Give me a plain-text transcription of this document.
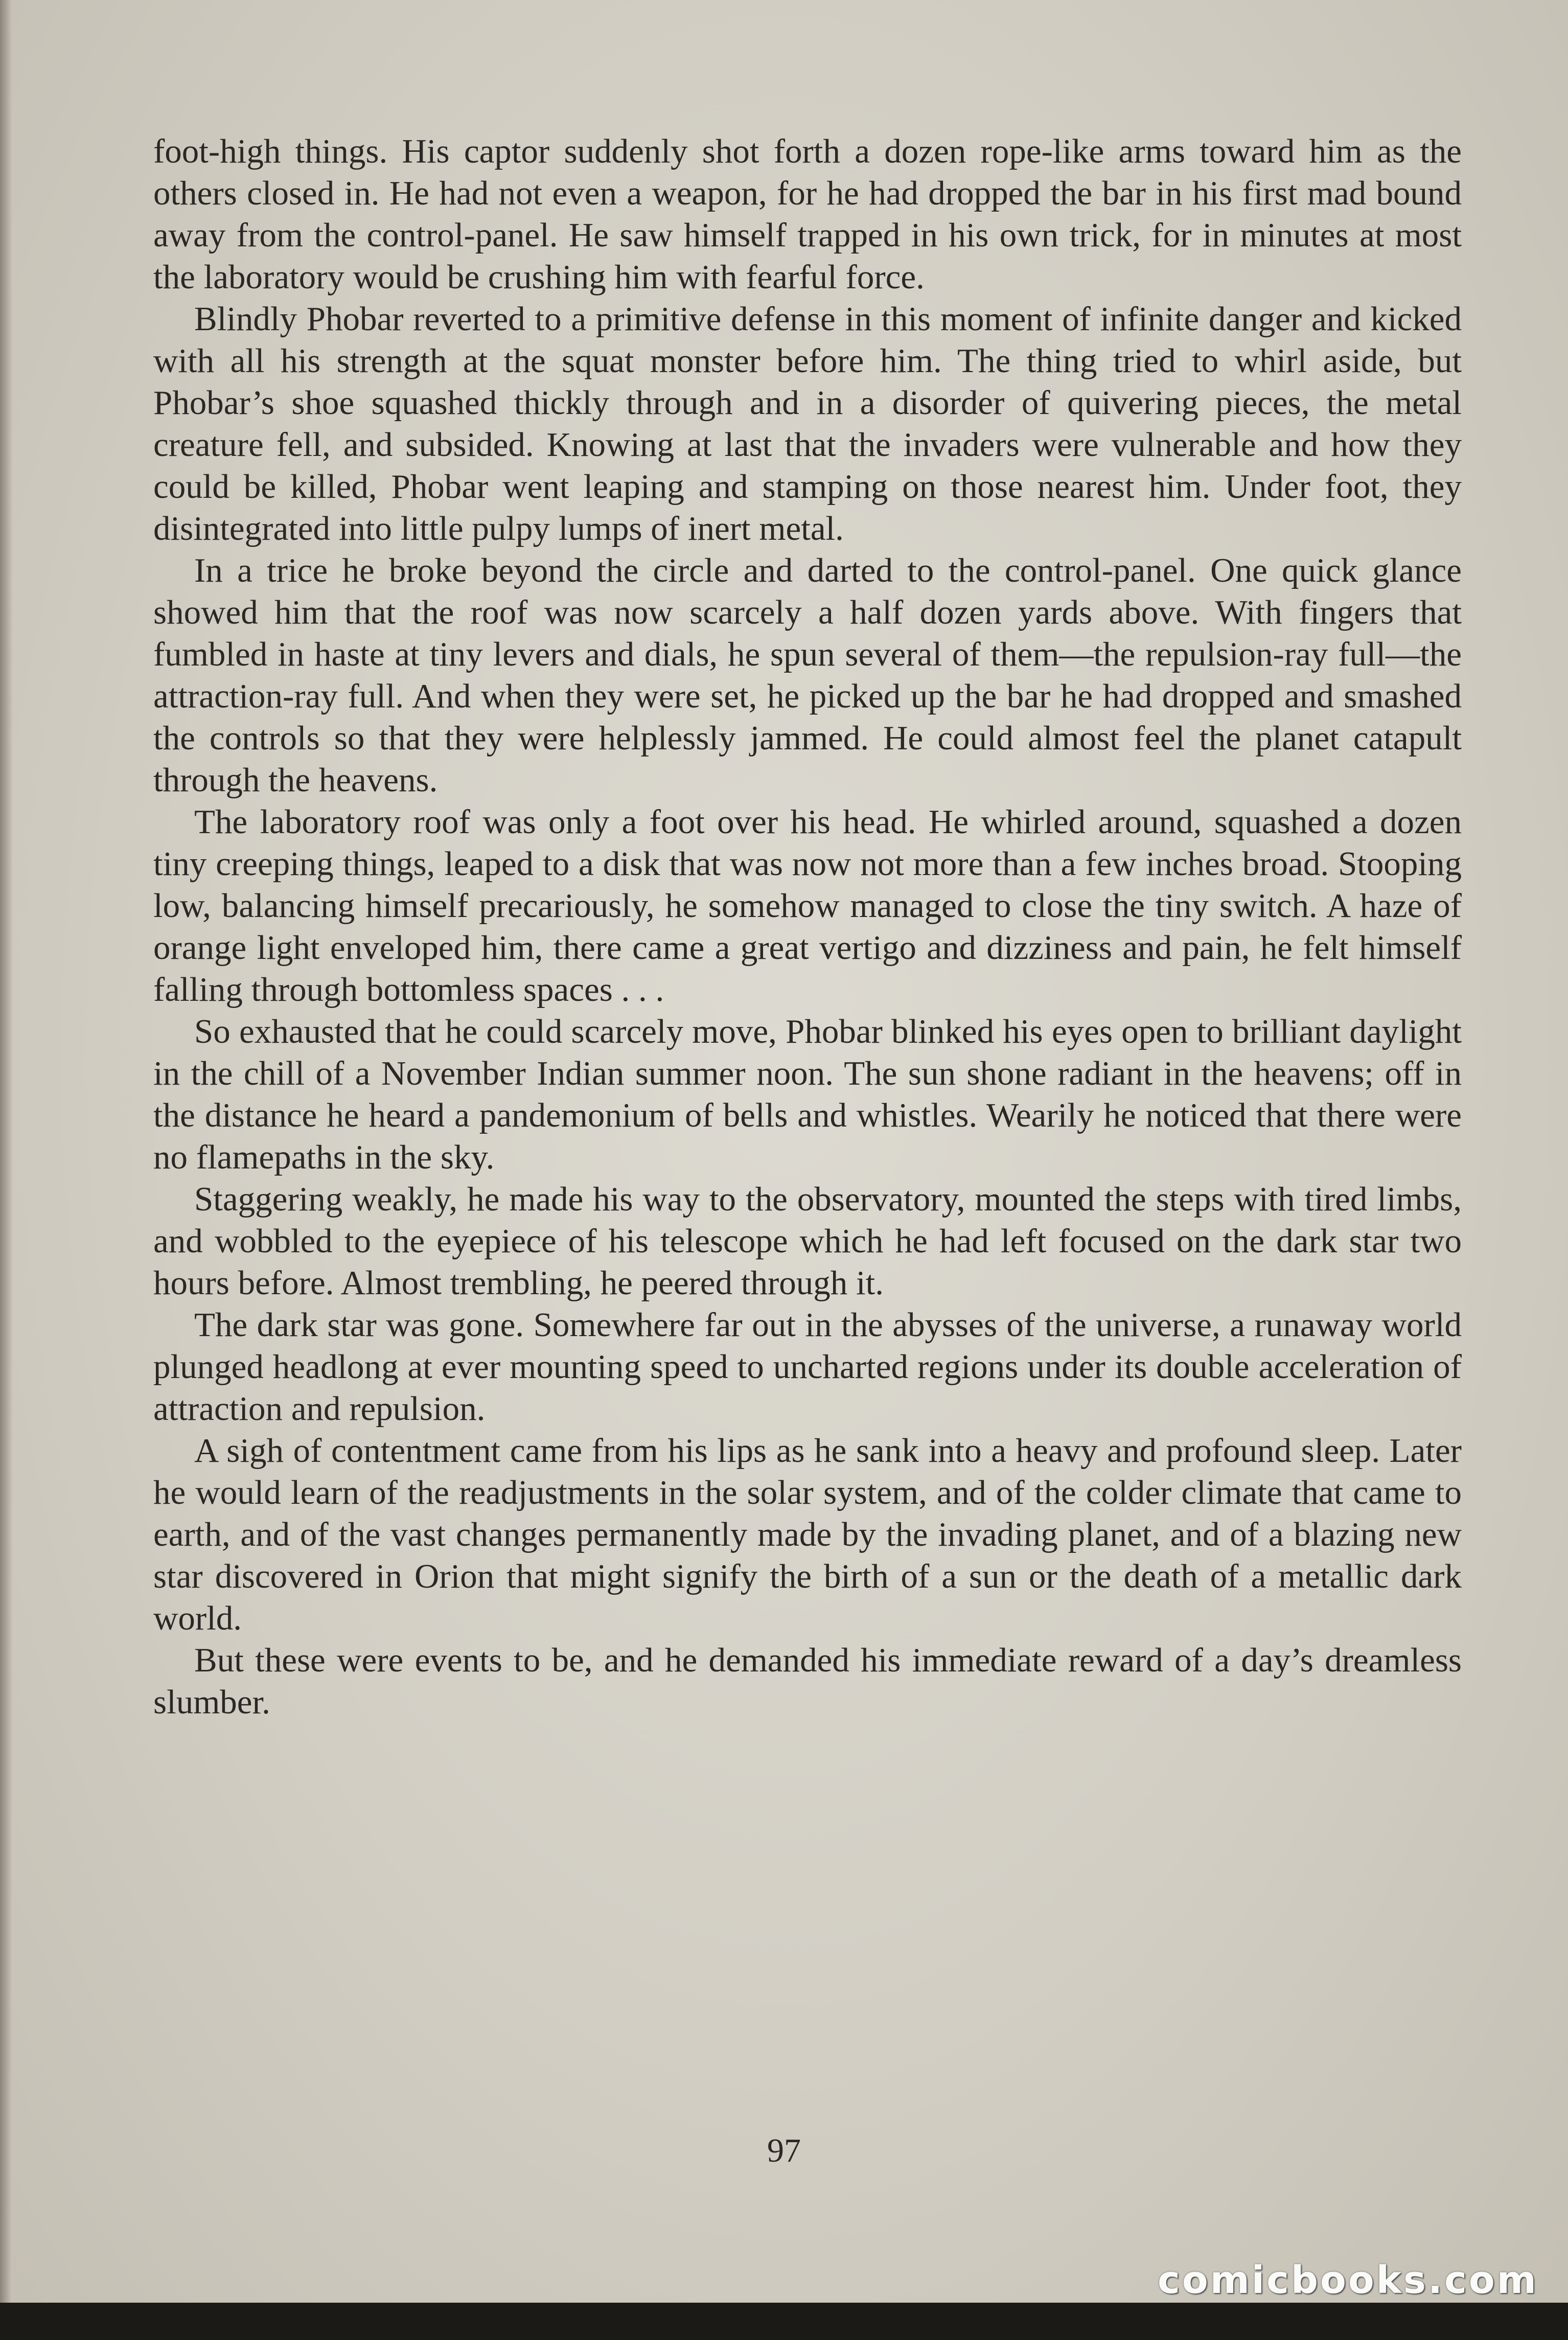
foot-high things. His captor suddenly shot forth a dozen rope-like arms toward him as the others closed in. He had not even a weapon, for he had dropped the bar in his first mad bound away from the control-panel. He saw himself trapped in his own trick, for in minutes at most the laboratory would be crushing him with fearful force.

Blindly Phobar reverted to a primitive defense in this moment of infinite danger and kicked with all his strength at the squat monster before him. The thing tried to whirl aside, but Phobar’s shoe squashed thickly through and in a disorder of quivering pieces, the metal creature fell, and subsided. Knowing at last that the invaders were vulnerable and how they could be killed, Phobar went leaping and stamping on those nearest him. Under foot, they disintegrated into little pulpy lumps of inert metal.

In a trice he broke beyond the circle and darted to the control-panel. One quick glance showed him that the roof was now scarcely a half dozen yards above. With fingers that fumbled in haste at tiny levers and dials, he spun several of them—the repulsion-ray full—the attraction-ray full. And when they were set, he picked up the bar he had dropped and smashed the controls so that they were helplessly jammed. He could almost feel the planet catapult through the heavens.

The laboratory roof was only a foot over his head. He whirled around, squashed a dozen tiny creeping things, leaped to a disk that was now not more than a few inches broad. Stooping low, balancing himself precariously, he somehow managed to close the tiny switch. A haze of orange light enveloped him, there came a great vertigo and dizziness and pain, he felt himself falling through bottomless spaces . . .

So exhausted that he could scarcely move, Phobar blinked his eyes open to brilliant daylight in the chill of a November Indian summer noon. The sun shone radiant in the heavens; off in the distance he heard a pandemonium of bells and whistles. Wearily he noticed that there were no flamepaths in the sky.

Staggering weakly, he made his way to the observatory, mounted the steps with tired limbs, and wobbled to the eyepiece of his telescope which he had left focused on the dark star two hours before. Almost trembling, he peered through it.

The dark star was gone. Somewhere far out in the abysses of the universe, a runaway world plunged headlong at ever mounting speed to uncharted regions under its double acceleration of attraction and repulsion.

A sigh of contentment came from his lips as he sank into a heavy and profound sleep. Later he would learn of the readjustments in the solar system, and of the colder climate that came to earth, and of the vast changes permanently made by the invading planet, and of a blazing new star discovered in Orion that might signify the birth of a sun or the death of a metallic dark world.

But these were events to be, and he demanded his immediate reward of a day’s dreamless slumber.

97
comicbooks.com
